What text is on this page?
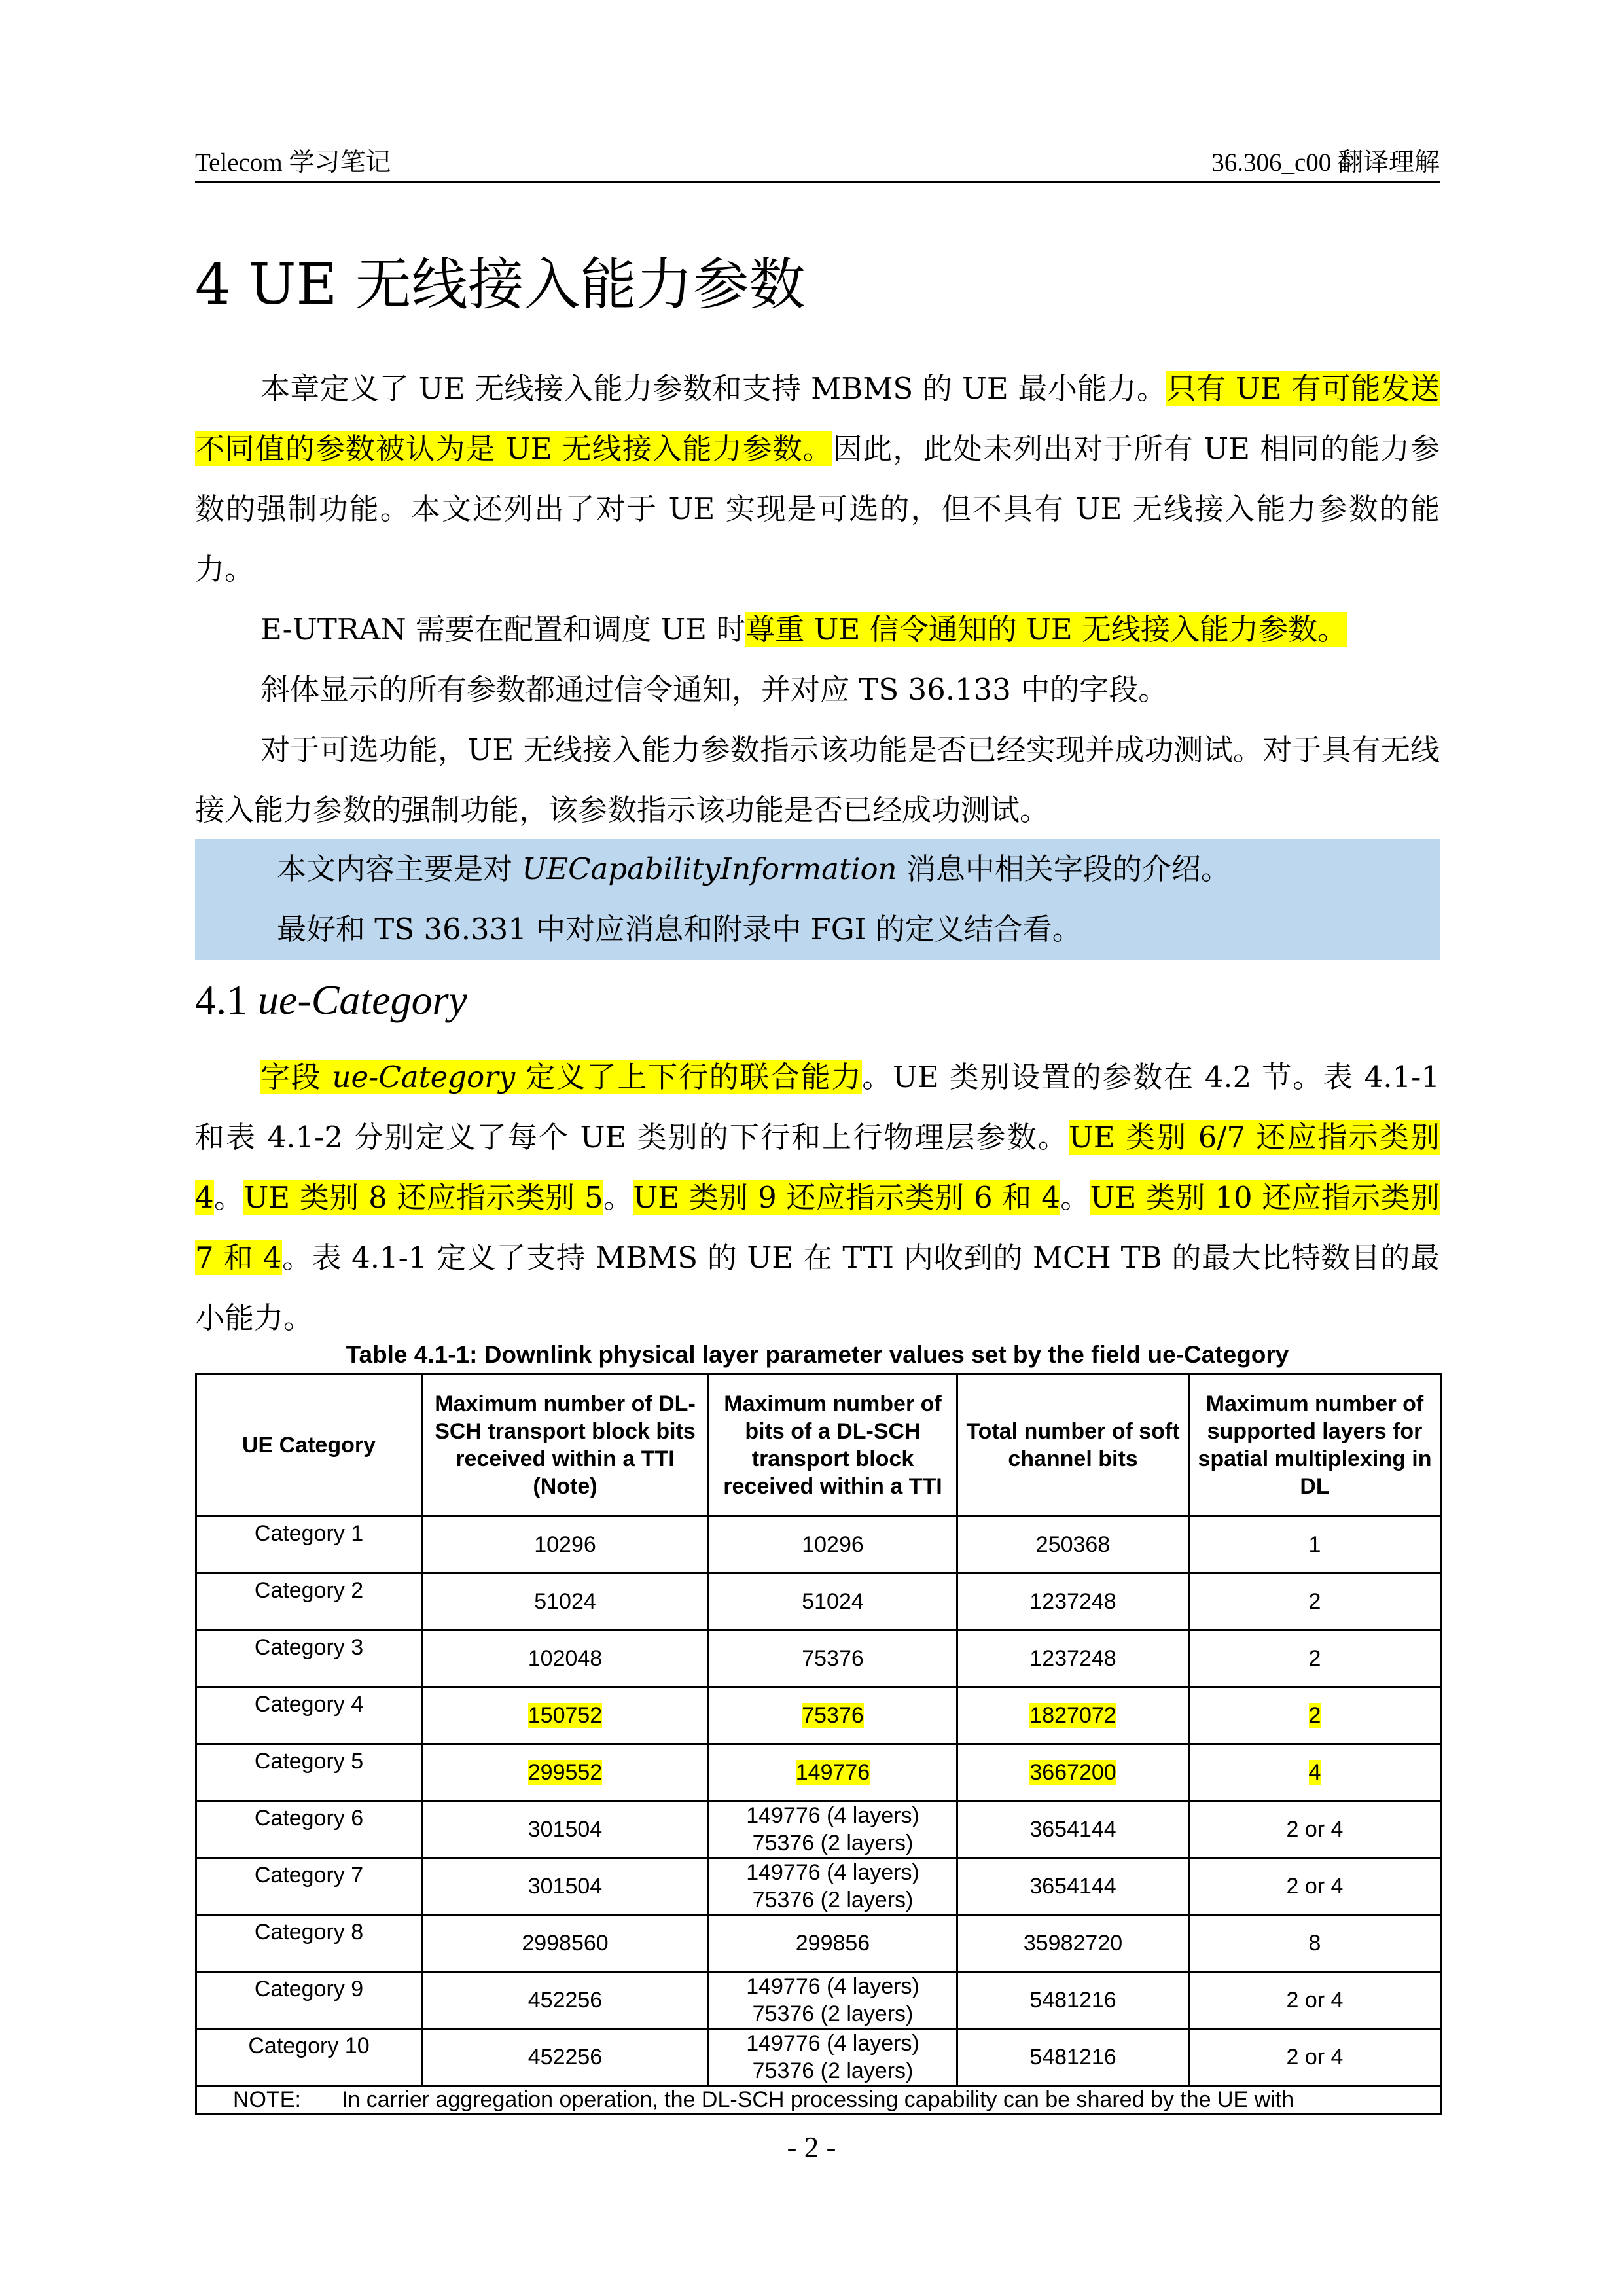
Telecom 学习笔记	36.306_c00 翻译理解
4 UE 无线接入能力参数

本章定义了 UE 无线接入能力参数和支持 MBMS 的 UE 最小能力。只有 UE 有可能发送不同值的参数被认为是 UE 无线接入能力参数。因此，此处未列出对于所有 UE 相同的能力参数的强制功能。本文还列出了对于 UE 实现是可选的，但不具有 UE 无线接入能力参数的能力。

E-UTRAN 需要在配置和调度 UE 时尊重 UE 信令通知的 UE 无线接入能力参数。

斜体显示的所有参数都通过信令通知，并对应 TS 36.133 中的字段。

对于可选功能，UE 无线接入能力参数指示该功能是否已经实现并成功测试。对于具有无线接入能力参数的强制功能，该参数指示该功能是否已经成功测试。

本文内容主要是对 UECapabilityInformation 消息中相关字段的介绍。

最好和 TS 36.331 中对应消息和附录中 FGI 的定义结合看。

4.1 ue-Category

字段 ue-Category 定义了上下行的联合能力。UE 类别设置的参数在 4.2 节。表 4.1-1 和表 4.1-2 分别定义了每个 UE 类别的下行和上行物理层参数。UE 类别 6/7 还应指示类别 4。UE 类别 8 还应指示类别 5。UE 类别 9 还应指示类别 6 和 4。UE 类别 10 还应指示类别 7 和 4。表 4.1-1 定义了支持 MBMS 的 UE 在 TTI 内收到的 MCH TB 的最大比特数目的最小能力。

Table 4.1-1: Downlink physical layer parameter values set by the field ue-Category
UE Category	Maximum number of DL-SCH transport block bits received within a TTI (Note)	Maximum number of bits of a DL-SCH transport block received within a TTI	Total number of soft channel bits	Maximum number of supported layers for spatial multiplexing in DL
Category 1	10296	10296	250368	1
Category 2	51024	51024	1237248	2
Category 3	102048	75376	1237248	2
Category 4	150752	75376	1827072	2
Category 5	299552	149776	3667200	4
Category 6	301504	149776 (4 layers)
75376 (2 layers)	3654144	2 or 4
Category 7	301504	149776 (4 layers)
75376 (2 layers)	3654144	2 or 4
Category 8	2998560	299856	35982720	8
Category 9	452256	149776 (4 layers)
75376 (2 layers)	5481216	2 or 4
Category 10	452256	149776 (4 layers)
75376 (2 layers)	5481216	2 or 4
NOTE: In carrier aggregation operation, the DL-SCH processing capability can be shared by the UE with				
- 2 -
